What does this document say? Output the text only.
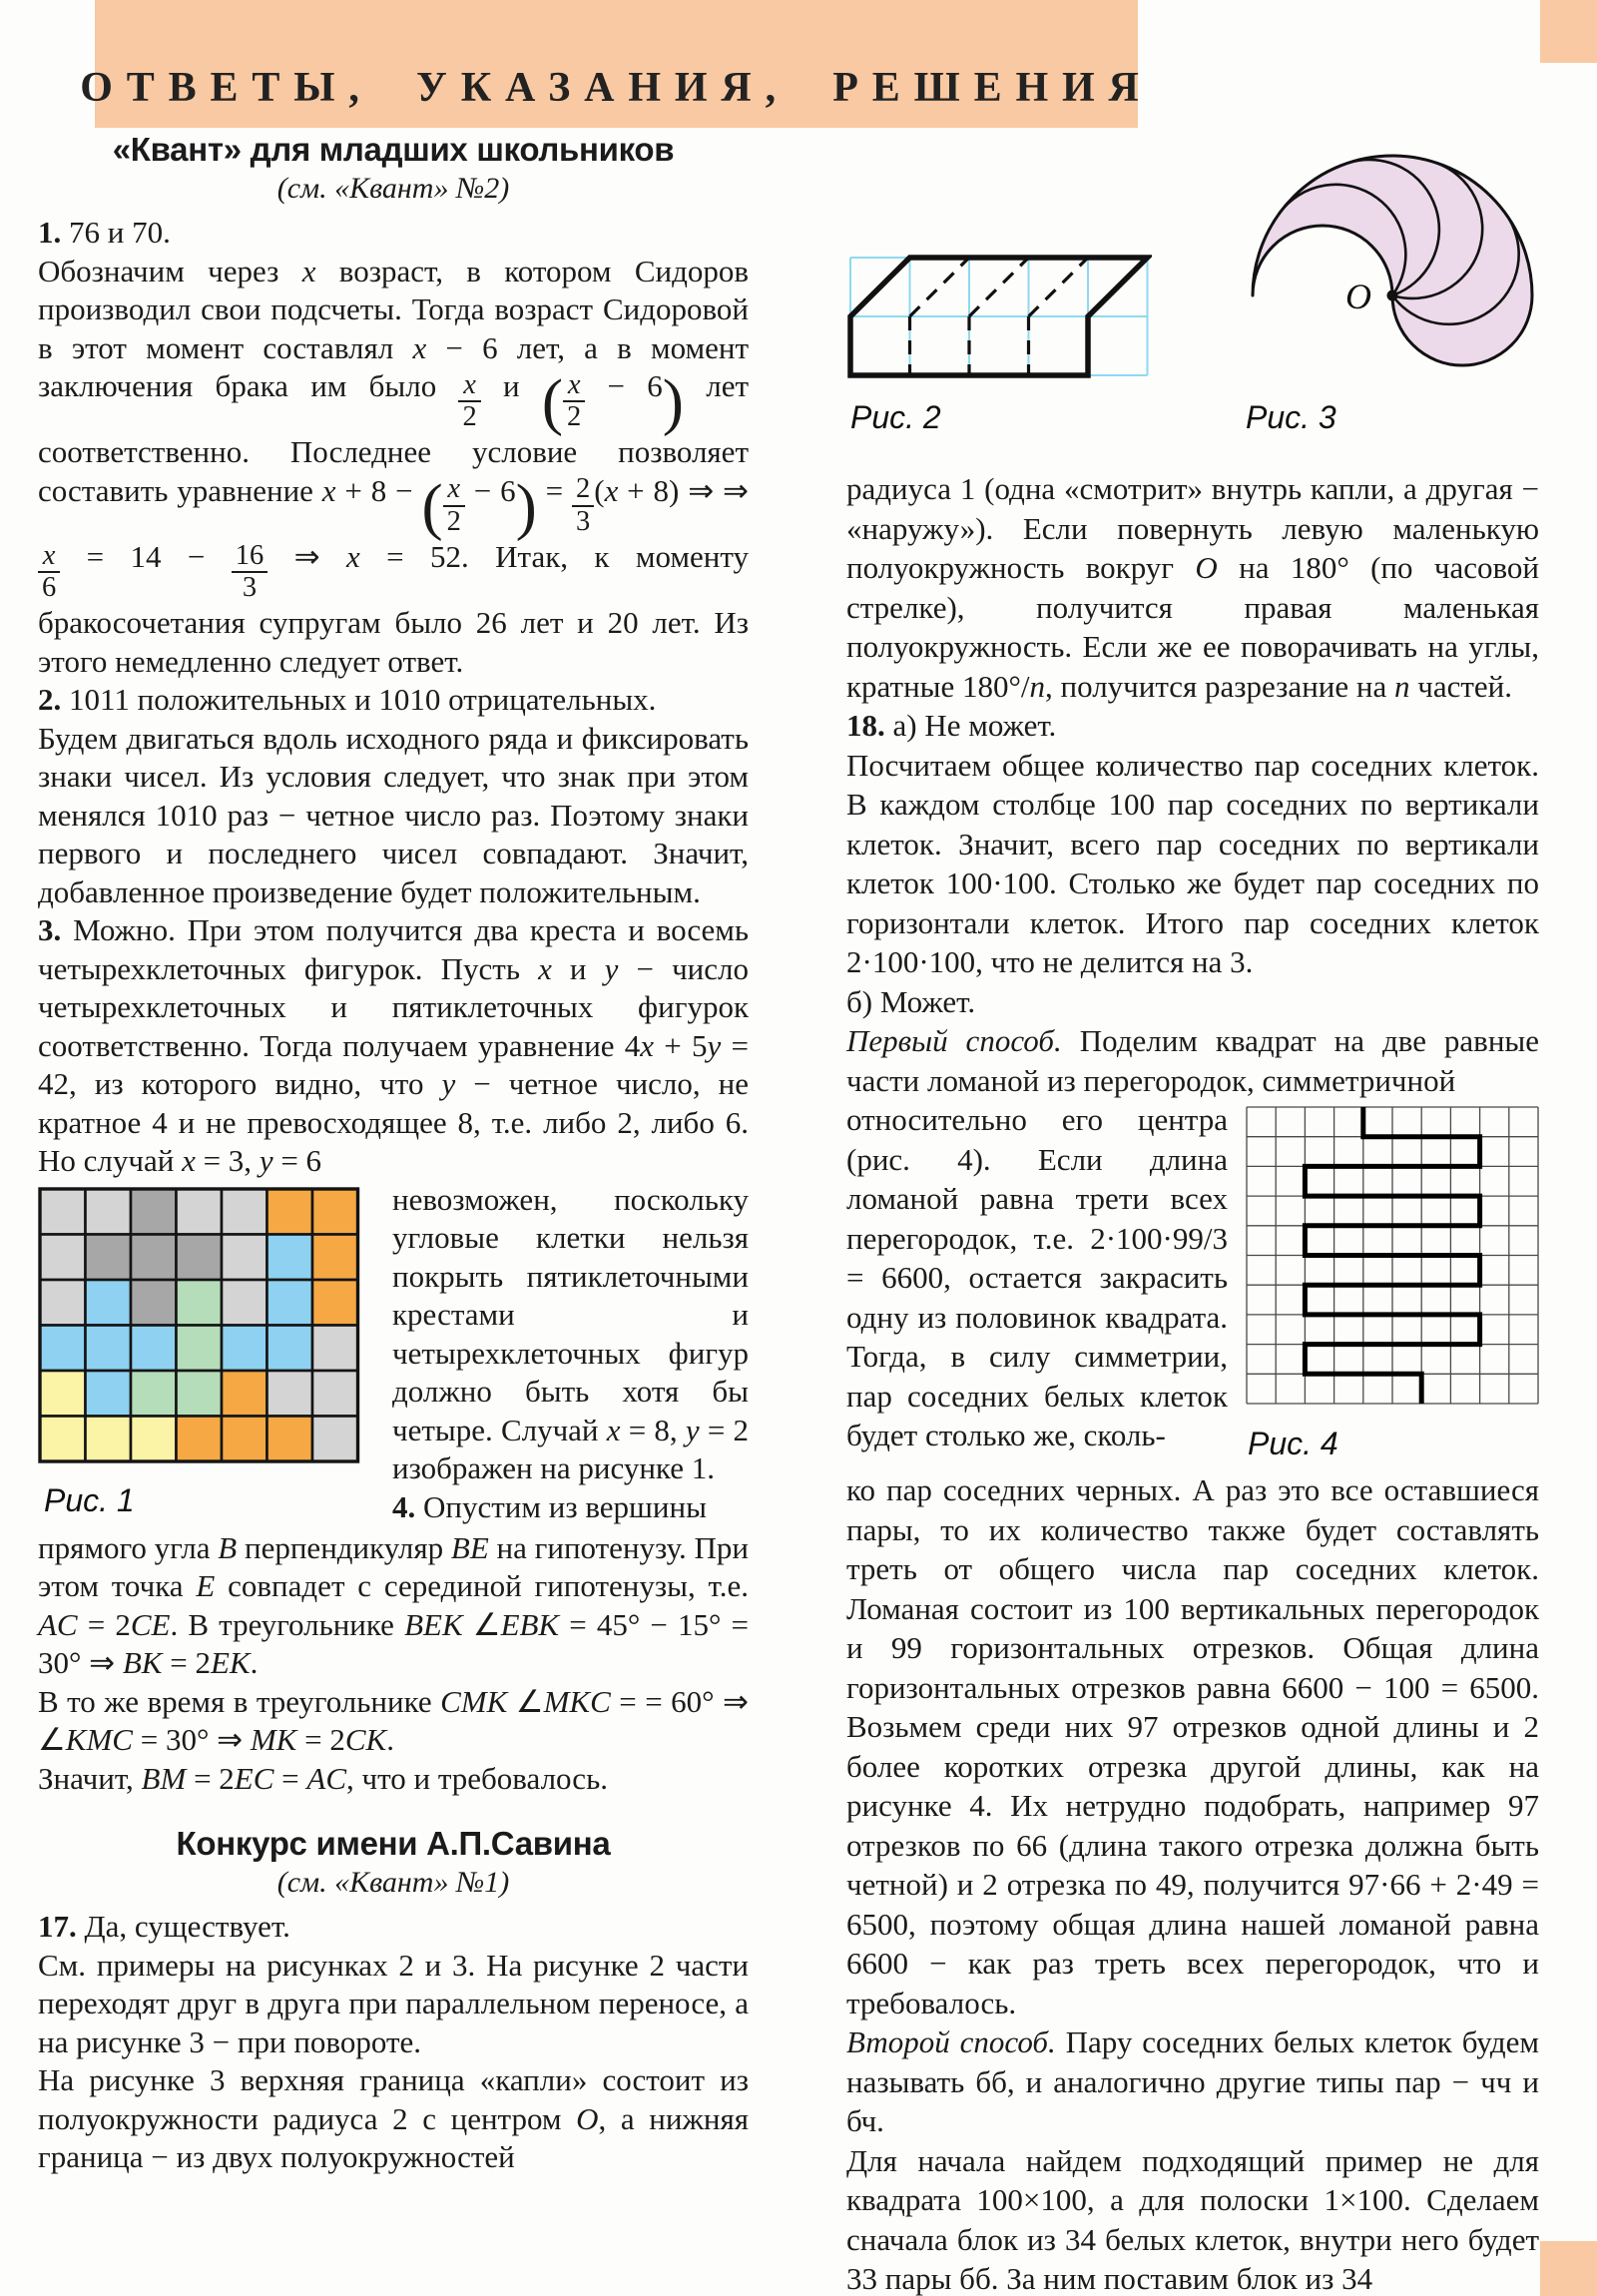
ОТВЕТЫ, УКАЗАНИЯ, РЕШЕНИЯ
«Квант» для младших школьников
(см. «Квант» №2)

1. 76 и 70.

Обозначим через x возраст, в котором Сидоров производил свои подсчеты. Тогда возраст Сидоровой в этот момент составлял x − 6 лет, а в момент заключения брака им было $\frac{x}{2}$ и ( $\frac{x}{2} - 6$) лет соответственно. Последнее условие позволяет составить уравнение x + 8 − ( $\frac{x}{2} - 6) = \frac{2}{3} (x + 8)$ ⇒ ⇒
$\frac{x}{6} = 14 - \frac{16}{3}$ ⇒ x = 52. Итак, к моменту бракосочетания супругам было 26 лет и 20 лет. Из этого немедленно следует ответ.

2. 1011 положительных и 1010 отрицательных.

Будем двигаться вдоль исходного ряда и фиксировать знаки чисел. Из условия следует, что знак при этом менялся 1010 раз − четное число раз. Поэтому знаки первого и последнего чисел совпадают. Значит, добавленное произведение будет положительным.

3. Можно. При этом получится два креста и восемь четырехклеточных фигурок. Пусть x и y − число четырехклеточных и пятиклеточных фигурок соответственно. Тогда получаем уравнение 4x + 5y = 42, из которого видно, что y − четное число, не кратное 4 и не превосходящее 8, т.е. либо 2, либо 6. Но случай x = 3, y = 6

Рис. 1

невозможен, поскольку угловые клетки нельзя покрыть пятиклеточными крестами и четырехклеточных фигур должно быть хотя бы четыре. Случай x = 8, y = 2 изображен на рисунке 1.
4. Опустим из вершины

прямого угла B перпендикуляр BE на гипотенузу. При этом точка E совпадет с серединой гипотенузы, т.е. AC = 2CE. В треугольнике BEK ∠EBK = 45° − 15° = 30° ⇒ BK = 2EK.

В то же время в треугольнике CMK ∠MKC = = 60° ⇒ ∠KMC = 30° ⇒ MK = 2CK.

Значит, BM = 2EC = AC, что и требовалось.

Конкурс имени А.П.Савина
(см. «Квант» №1)

17. Да, существует.

См. примеры на рисунках 2 и 3. На рисунке 2 части переходят друг в друга при параллельном переносе, а на рисунке 3 − при повороте.

На рисунке 3 верхняя граница «капли» состоит из полуокружности радиуса 2 с центром O, а нижняя граница − из двух полуокружностей

O
Рис. 2	Рис. 3

радиуса 1 (одна «смотрит» внутрь капли, а другая − «наружу»). Если повернуть левую маленькую полуокружность вокруг O на 180° (по часовой стрелке), получится правая маленькая полуокружность. Если же ее поворачивать на углы, кратные 180°/n, получится разрезание на n частей.

18. а) Не может.

Посчитаем общее количество пар соседних клеток. В каждом столбце 100 пар соседних по вертикали клеток. Значит, всего пар соседних по вертикали клеток 100·100. Столько же будет пар соседних по горизонтали клеток. Итого пар соседних клеток 2·100·100, что не делится на 3.

б) Может.

Первый способ. Поделим квадрат на две равные части ломаной из перегородок, симметричной

Рис. 4

относительно его центра (рис. 4). Если длина ломаной равна трети всех перегородок, т.е. 2·100·99/3 = 6600, остается закрасить одну из половинок квадрата. Тогда, в силу симметрии, пар соседних белых клеток будет столько же, сколь-

ко пар соседних черных. А раз это все оставшиеся пары, то их количество также будет составлять треть от общего числа пар соседних клеток. Ломаная состоит из 100 вертикальных перегородок и 99 горизонтальных отрезков. Общая длина горизонтальных отрезков равна 6600 − 100 = 6500. Возьмем среди них 97 отрезков одной длины и 2 более коротких отрезка другой длины, как на рисунке 4. Их нетрудно подобрать, например 97 отрезков по 66 (длина такого отрезка должна быть четной) и 2 отрезка по 49, получится 97·66 + 2·49 = 6500, поэтому общая длина нашей ломаной равна 6600 − как раз треть всех перегородок, что и требовалось.

Второй способ. Пару соседних белых клеток будем называть бб, и аналогично другие типы пар − чч и бч.

Для начала найдем подходящий пример не для квадрата 100×100, а для полоски 1×100. Сделаем сначала блок из 34 белых клеток, внутри него будет 33 пары бб. За ним поставим блок из 34
